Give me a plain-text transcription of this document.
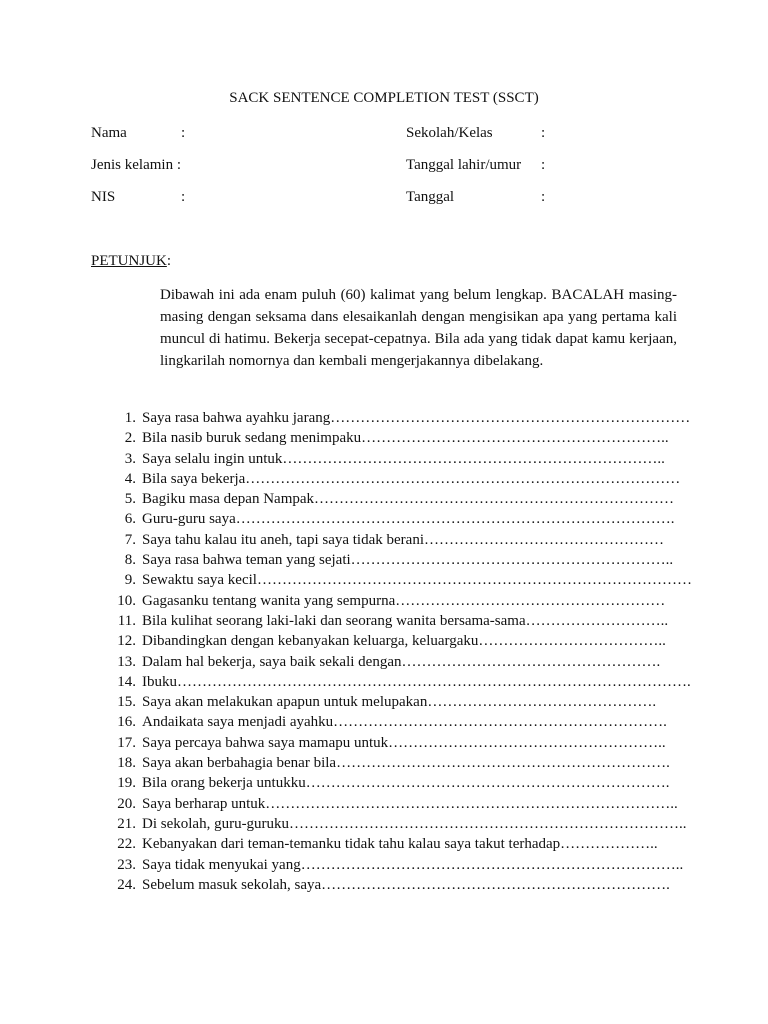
SACK SENTENCE COMPLETION TEST (SSCT)
Nama	:	Sekolah/Kelas	:
Jenis kelamin :	Tanggal lahir/umur :
NIS	:	Tanggal	:
PETUNJUK:

Dibawah ini ada enam puluh (60) kalimat yang belum lengkap. BACALAH masing-masing dengan seksama dans elesaikanlah dengan mengisikan apa yang pertama kali muncul di hatimu. Bekerja secepat-cepatnya. Bila ada yang tidak dapat kamu kerjaan, lingkarilah nomornya dan kembali mengerjakannya dibelakang.

1. Saya rasa bahwa ayahku jarang………………………………………………………………
2. Bila nasib buruk sedang menimpaku……………………………………………………..
3. Saya selalu ingin untuk…………………………………………………………………..
4. Bila saya bekerja……………………………………………………………………………
5. Bagiku masa depan Nampak………………………………………………………………
6. Guru-guru saya…………………………………………………………………………….
7. Saya tahu kalau itu aneh, tapi saya tidak berani…………………………………………
8. Saya rasa bahwa teman yang sejati………………………………………………………..
9. Sewaktu saya kecil……………………………………………………………………………
10. Gagasanku tentang wanita yang sempurna………………………………………………
11. Bila kulihat seorang laki-laki dan seorang wanita bersama-sama………………………..
12. Dibandingkan dengan kebanyakan keluarga, keluargaku………………………………..
13. Dalam hal bekerja, saya baik sekali dengan…………………………………………….
14. Ibuku………………………………………………………………………………………….
15. Saya akan melakukan apapun untuk melupakan……………………………………….
16. Andaikata saya menjadi ayahku………………………………………………………….
17. Saya percaya bahwa saya mamapu untuk………………………………………………..
18. Saya akan berbahagia benar bila………………………………………………………….
19. Bila orang bekerja untukku……………………………………………………………….
20. Saya berharap untuk………………………………………………………………………..
21. Di sekolah, guru-guruku……………………………………………………………………..
22. Kebanyakan dari teman-temanku tidak tahu kalau saya takut terhadap………………..
23. Saya tidak menyukai yang…………………………………………………………………..
24. Sebelum masuk sekolah, saya…………………………………………………………….
